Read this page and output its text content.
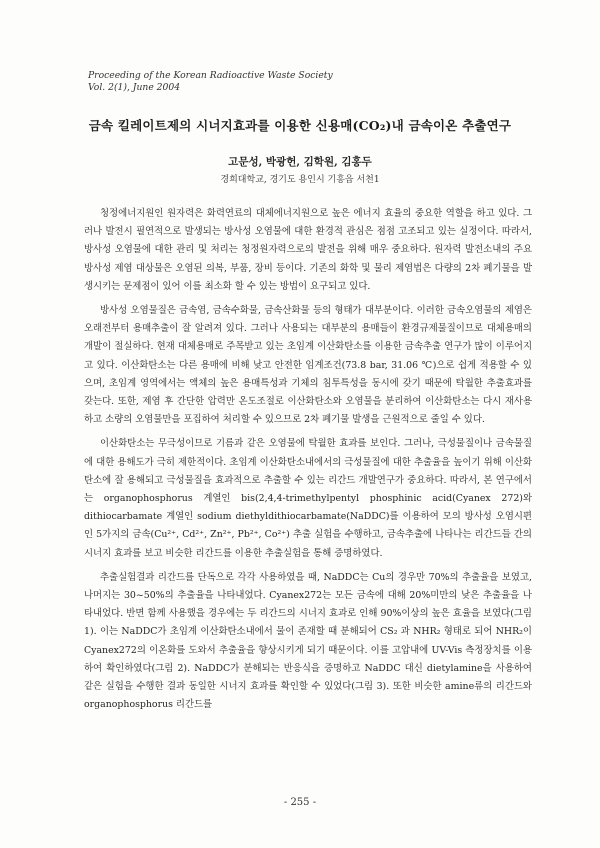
Proceeding of the Korean Radioactive Waste Society
Vol. 2(1), June 2004
금속 킬레이트제의 시너지효과를 이용한 신용매(CO₂)내 금속이온 추출연구
고문성, 박광헌, 김학원, 김홍두
경희대학교, 경기도 용인시 기흥읍 서천1

청정에너지원인 원자력은 화력연료의 대체에너지원으로 높은 에너지 효율의 중요한 역할을 하고 있다. 그러나 발전시 필연적으로 발생되는 방사성 오염물에 대한 환경적 관심은 점점 고조되고 있는 실정이다. 따라서, 방사성 오염물에 대한 관리 및 처리는 청정원자력으로의 발전을 위해 매우 중요하다. 원자력 발전소내의 주요 방사성 제염 대상물은 오염된 의복, 부품, 장비 등이다. 기존의 화학 및 물리 제염법은 다량의 2차 폐기물을 발생시키는 문제점이 있어 이를 최소화 할 수 있는 방법이 요구되고 있다.

방사성 오염물질은 금속염, 금속수화물, 금속산화물 등의 형태가 대부분이다. 이러한 금속오염물의 제염은 오래전부터 용매추출이 잘 알려져 있다. 그러나 사용되는 대부분의 용매들이 환경규제물질이므로 대체용매의 개발이 절실하다. 현재 대체용매로 주목받고 있는 초임계 이산화탄소를 이용한 금속추출 연구가 많이 이루어지고 있다. 이산화탄소는 다른 용매에 비해 낮고 안전한 임계조건(73.8 bar, 31.06 ℃)으로 쉽게 적용할 수 있으며, 초임계 영역에서는 액체의 높은 용매특성과 기체의 침투특성을 동시에 갖기 때문에 탁월한 추출효과를 갖는다. 또한, 제염 후 간단한 압력만 온도조절로 이산화탄소와 오염물을 분리하여 이산화탄소는 다시 재사용하고 소량의 오염물만을 포집하여 처리할 수 있으므로 2차 폐기물 발생을 근원적으로 줄일 수 있다.

이산화탄소는 무극성이므로 기름과 같은 오염물에 탁월한 효과를 보인다. 그러나, 극성물질이나 금속물질에 대한 용해도가 극히 제한적이다. 초임계 이산화탄소내에서의 극성물질에 대한 추출율을 높이기 위해 이산화탄소에 잘 용해되고 극성물질을 효과적으로 추출할 수 있는 리간드 개발연구가 중요하다. 따라서, 본 연구에서는 organophosphorus 계열인 bis(2,4,4-trimethylpentyl phosphinic acid(Cyanex 272)와 dithiocarbamate 계열인 sodium diethyldithiocarbamate(NaDDC)를 이용하여 모의 방사성 오염시편인 5가지의 금속(Cu²⁺, Cd²⁺, Zn²⁺, Pb²⁺, Co²⁺) 추출 실험을 수행하고, 금속추출에 나타나는 리간드들 간의 시너지 효과를 보고 비슷한 리간드를 이용한 추출실험을 통해 증명하였다.

추출실험결과 리간드를 단독으로 각각 사용하였을 때, NaDDC는 Cu의 경우만 70%의 추출율을 보였고, 나머지는 30~50%의 추출율을 나타내었다. Cyanex272는 모든 금속에 대해 20%미만의 낮은 추출율을 나타내었다. 반면 함께 사용했을 경우에는 두 리간드의 시너지 효과로 인해 90%이상의 높은 효율을 보였다(그림 1). 이는 NaDDC가 초임계 이산화탄소내에서 물이 존재할 때 분해되어 CS₂ 과 NHR₂ 형태로 되어 NHR₂이 Cyanex272의 이온화를 도와서 추출율을 향상시키게 되기 때문이다. 이를 고압내에 UV-Vis 측정장치를 이용하여 확인하였다(그림 2). NaDDC가 분해되는 반응식을 증명하고 NaDDC 대신 dietylamine을 사용하여 같은 실험을 수행한 결과 동일한 시너지 효과를 확인할 수 있었다(그림 3). 또한 비슷한 amine류의 리간드와 organophosphorus 리간드를

- 255 -
